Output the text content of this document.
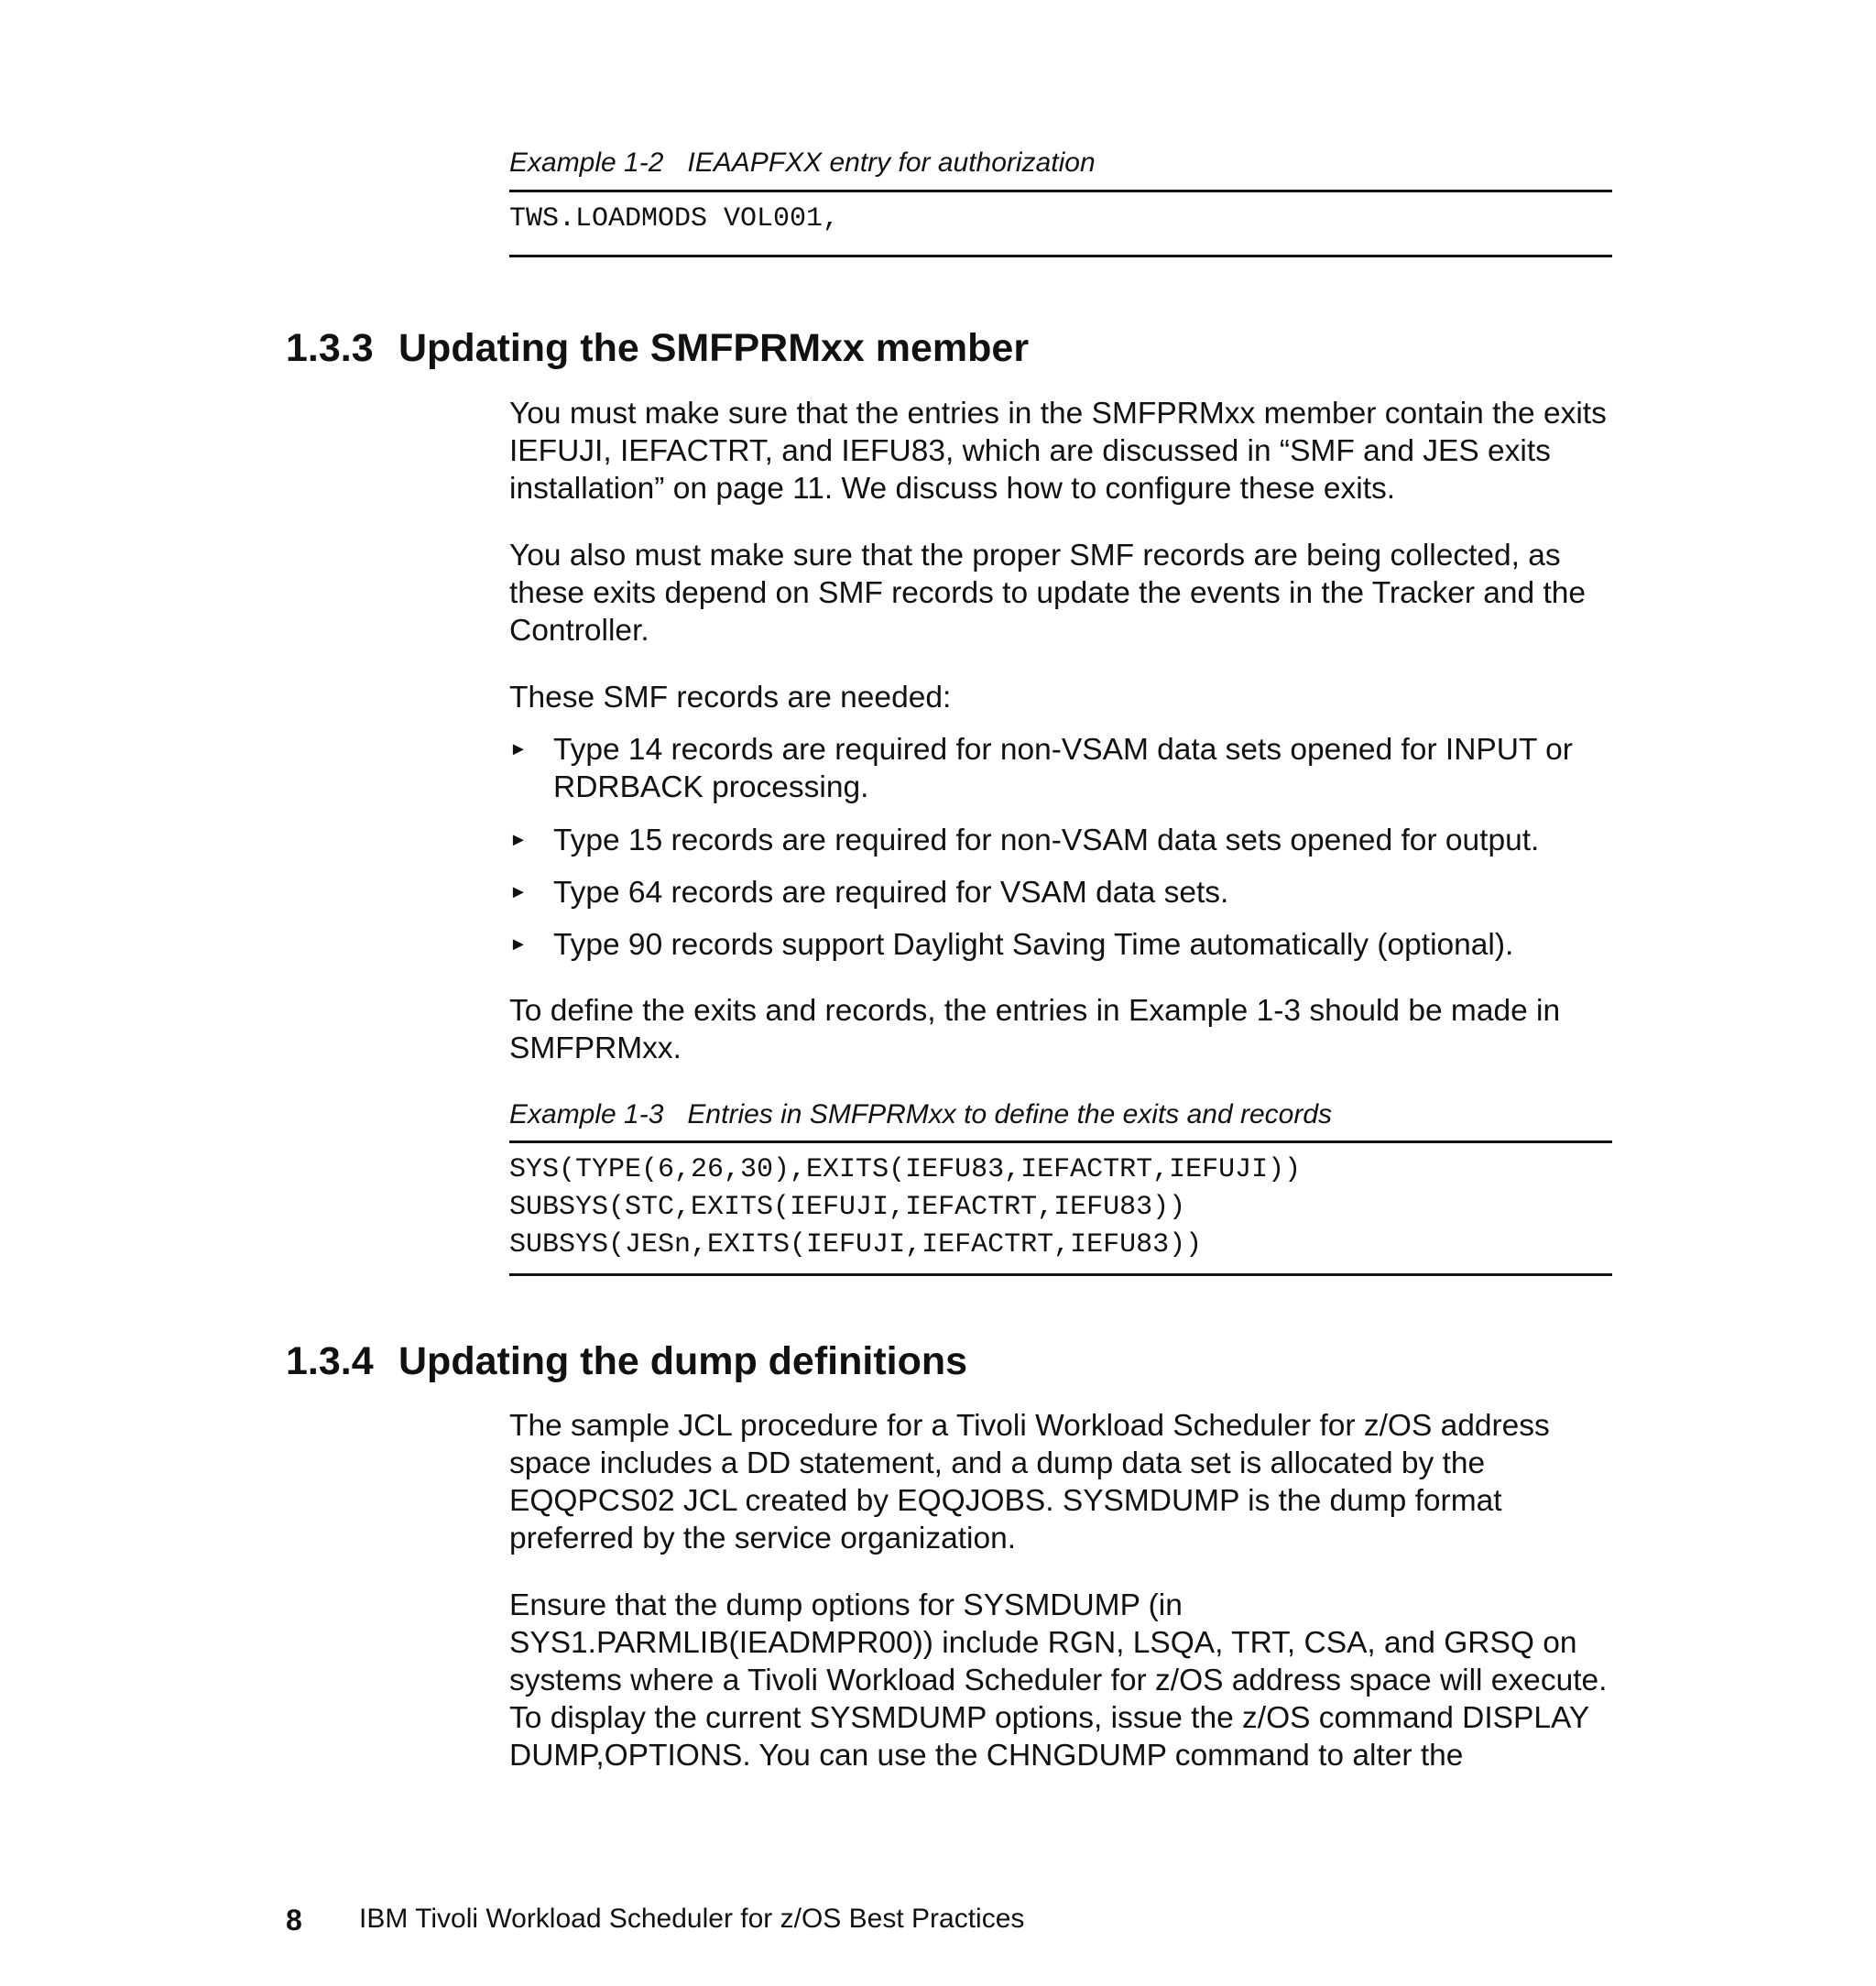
Example 1-2 IEAAPFXX entry for authorization
TWS.LOADMODS VOL001,
1.3.3 Updating the SMFPRMxx member
You must make sure that the entries in the SMFPRMxx member contain the exits
IEFUJI, IEFACTRT, and IEFU83, which are discussed in “SMF and JES exits
installation” on page 11. We discuss how to configure these exits.
You also must make sure that the proper SMF records are being collected, as
these exits depend on SMF records to update the events in the Tracker and the
Controller.
These SMF records are needed:
► Type 14 records are required for non-VSAM data sets opened for INPUT or
RDRBACK processing.
► Type 15 records are required for non-VSAM data sets opened for output.
► Type 64 records are required for VSAM data sets.
► Type 90 records support Daylight Saving Time automatically (optional).
To define the exits and records, the entries in Example 1-3 should be made in
SMFPRMxx.
Example 1-3 Entries in SMFPRMxx to define the exits and records
SYS(TYPE(6,26,30),EXITS(IEFU83,IEFACTRT,IEFUJI))
SUBSYS(STC,EXITS(IEFUJI,IEFACTRT,IEFU83))
SUBSYS(JESn,EXITS(IEFUJI,IEFACTRT,IEFU83))
1.3.4 Updating the dump definitions
The sample JCL procedure for a Tivoli Workload Scheduler for z/OS address
space includes a DD statement, and a dump data set is allocated by the
EQQPCS02 JCL created by EQQJOBS. SYSMDUMP is the dump format
preferred by the service organization.
Ensure that the dump options for SYSMDUMP (in
SYS1.PARMLIB(IEADMPR00)) include RGN, LSQA, TRT, CSA, and GRSQ on
systems where a Tivoli Workload Scheduler for z/OS address space will execute.
To display the current SYSMDUMP options, issue the z/OS command DISPLAY
DUMP,OPTIONS. You can use the CHNGDUMP command to alter the
8 IBM Tivoli Workload Scheduler for z/OS Best Practices
